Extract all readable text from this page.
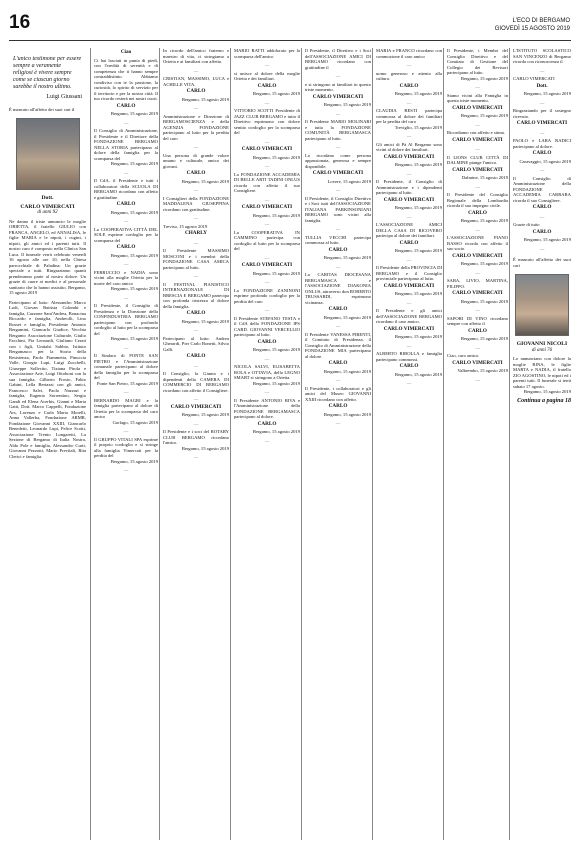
16	L'ECO DI BERGAMO
GIOVEDÌ 15 AGOSTO 2019
L'unico testimone per essere sempre a veramente religiosi è vivere sempre come se ciascun giorno sarebbe il nostro ultimo.
Luigi Giussani
È mancato all'affetto dei suoi cari il
Dott.
CARLO VIMERCATI
di anni 92
Ne danno il triste annuncio le moglie ORIETTA, il fratello GIULIO con FRANCA, ANGELO, ed ANNALISA, le figlie MARIA e le nipoti, i cugini, i nipoti, gli amici ed i parenti tutti. Il nostro caro è composto nella Clinica San Luca. Il funerale verrà celebrato venerdì 16 agosto alle ore 10, nella Chiesa parrocchiale di Paladina. Un grazie speciale a tutti. Ringraziamo quanti prenderanno parte al nostro dolore. Un grazie di cuore ai medici e al personale sanitario che lo hanno assistito. Bergamo, 15 agosto 2019
Partecipano al lutto: Alessandro Marco Lodi, Giovan Battista Colombi e famiglia, Cazzone Sant'Andrea, Bonacina Riccardo e famiglia, Andreolli, Lino Rosset e famiglia, Presidente Antonio Bergamini, Giancarlo Giudice, Vecchia Bergamo Associazione Culturale, Giulio Facchini, Pia Leonardi, Giuliano Cerati con i figli, Unitalsi Sabbio, Istituto Bergamasco per la Storia della Resistenza, Paolo Fiammetta, Pinuccia Valle, Giorgio Lupi, Luigi Zucchelli, Giuseppe Sollecito, Tiziana Pirola e Associazione Arte, Luigi Ottoboni con la sua famiglia, Gilberto Frosio, Fabio Gabini, Lella Bertazzi con gli amici, Francesco Salvi, Paolo Nazzari e famiglia, Eugenio Sorrentino, Sergio Gandi ed Elena Acerbis, Gianni e Marta Gatti, Dott. Marco Cappelli, Fondazione Ars, Lorenzo e Carla Maria Morelli, Anna Vallerba, Fondazione ARMR, Fondazione Giovanni XXIII, Giancarlo Benedetti, Leonardo Lupi, Felice Scotti, Associazione Trento Longaretti, La Sezione di Bergamo di Italia Nostra, Aldo Pole e famiglia, Alessandro Curti, Giovanni Pezzotti, Mario Previtali, Rita Clerici e famiglia.
Ciao
Ci hai lasciati in punta di piedi, con l'eredità di serenità e di competenza che ti hanno sempre contraddistinto. Abbiamo condiviso con te la passione, la curiosità, lo spirito di servizio per il territorio e per la nostra città. Il tuo ricordo resterà nei nostri cuori.
CARLO
Bergamo, 15 agosto 2019
—
Il Consiglio di Amministrazione, il Presidente e il Direttore della FONDAZIONE BERGAMO NELLA STORIA partecipano al dolore della famiglia per la scomparsa del
Bergamo, 15 agosto 2019
—
Il CdA, il Presidente e tutti i collaboratori della SCUOLA DI BERGAMO ricordano con affetto e gratitudine.
CARLO
Bergamo, 15 agosto 2019
—
La COOPERATIVA CITTÀ DEL SOLE esprime cordoglio per la scomparsa del
CARLO
Bergamo, 15 agosto 2019
—
FERRUCCIO e NADIA sono vicini alla moglie Orietta per la morte del caro amico
Bergamo, 15 agosto 2019
—
Il Presidente, il Consiglio di Presidenza e la Direzione della CONFINDUSTRIA BERGAMO partecipano con profondo cordoglio al lutto per la scomparsa del
Bergamo, 15 agosto 2019
—
Il Sindaco di PONTE SAN PIETRO e l'Amministrazione comunale partecipano al dolore della famiglia per la scomparsa del
Ponte San Pietro, 15 agosto 2019
—
BERNARDO MAGRI e la famiglia partecipano al dolore di Orietta per la scomparsa del caro amico
Gorlago, 15 agosto 2019
—
Il GRUPPO VITALI SPA esprime il proprio cordoglio e si stringe alla famiglia Vimercati per la perdita del
Bergamo, 15 agosto 2019
—
In ricordo dell'amico fraterno e maestro di vita, ci stringiamo a Orietta e ai familiari con affetto.
—
CRISTIAN, MASSIMO, LUCA e ACHILLE VITA.
CARLO
Bergamo, 15 agosto 2019
—
Amministrazione e Direzione di BERGAMOSCIENZA e della AGENZIA FONDAZIONE partecipano al lutto per la perdita del caro
—
Una persona di grande valore umano e culturale, amico dei giovani.
CARLO
Bergamo, 15 agosto 2019
—
I Consiglieri della FONDAZIONE MADDALENA GIUSEPPINA ricordano con gratitudine.
—
Treviso, 15 agosto 2019
CHARLY
—
Il Presidente MASSIMO MOSCONI e i membri della FONDAZIONE CASA AMICA partecipano al lutto.
—
Il FESTIVAL PIANISTICO INTERNAZIONALE DI BRESCIA E BERGAMO partecipa con profonda tristezza al dolore della famiglia.
CARLO
Bergamo, 15 agosto 2019
—
Partecipano al lutto: Andrea Gherardi, Pier Carlo Bonetti, Silvio Galli.
CARLO
—
Il Consiglio, la Giunta e i dipendenti della CAMERA DI COMMERCIO DI BERGAMO ricordano con affetto il Consigliere.
—
CARLO VIMERCATI
Bergamo, 15 agosto 2019
—
Il Presidente e i soci del ROTARY CLUB BERGAMO ricordano l'amico.
Bergamo, 15 agosto 2019
—
MARIO RATTI addolorato per la scomparsa dell'amico
—
si unisce al dolore della moglie Orietta e dei familiari.
CARLO
Bergamo, 15 agosto 2019
—
VITTORIO SCOTTI Presidente di JAZZ CLUB BERGAMO e tutto il Direttivo esprimono con dolore sentito cordoglio per la scomparsa del
—
CARLO VIMERCATI
Bergamo, 15 agosto 2019
—
La FONDAZIONE ACCADEMIA DI BELLE ARTI TADINI ONLUS ricorda con affetto il suo Consigliere.
—
CARLO VIMERCATI
Bergamo, 15 agosto 2019
—
La COOPERATIVA IN CAMMINO partecipa con cordoglio al lutto per la scomparsa del
—
CARLO VIMERCATI
Bergamo, 15 agosto 2019
—
La FONDAZIONE ZANINONI esprime profondo cordoglio per la perdita del caro
—
Il Presidente STEFANO TESTA e il CdA della FONDAZIONE IPS CARD. GIOVANNI VERCELLIO partecipano al lutto.
CARLO
Bergamo, 15 agosto 2019
—
NICOLA SALVI, ELISABETTA ROLA e OTTAVIA, della LEGNO SMART si stringono a Orietta.
Bergamo, 15 agosto 2019
—
Il Presidente ANTONIO RIVA e l'Amministrazione della FONDAZIONE BERGAMASCA partecipano al dolore.
CARLO
Bergamo, 15 agosto 2019
—
Il Presidente, il Direttivo e i Soci dell'ASSOCIAZIONE AMICI DI BERGAMO ricordano con gratitudine il
—
e si stringono ai familiari in questo triste momento.
CARLO VIMERCATI
Bergamo, 15 agosto 2019
—
Il Presidente MARIO MOLINARI e tutta la FONDAZIONE COMUNITÀ BERGAMASCA partecipano al lutto.
—
Lo ricordano come persona appassionata, generosa e sempre disponibile.
CARLO VIMERCATI
Lovere, 15 agosto 2019
—
Il Presidente, il Consiglio Direttivo e i Soci tutti dell'ASSOCIAZIONE ITALIANA PARKINSONIANI BERGAMO sono vicini alla famiglia.
—
TULLIA VECCHI partecipa commossa al lutto.
CARLO
Bergamo, 15 agosto 2019
—
La CARITAS DIOCESANA BERGAMASCA e l'ASSOCIAZIONE DIAKONIA ONLUS, attraverso don ROBERTO TRUSSARDI, esprimono vicinanza.
CARLO
Bergamo, 15 agosto 2019
—
Il Presidente VANESSA PIRENTI, il Comitato di Presidenza, il Consiglio di Amministrazione della FONDAZIONE MIA partecipano al dolore.
CARLO
Bergamo, 15 agosto 2019
—
Il Presidente, i collaboratori e gli amici del Museo GIOVANNI XXIII ricordano con affetto.
CARLO
Bergamo, 15 agosto 2019
—
MARIA e FRANCO ricordano con commozione il caro amico
—
uomo generoso e attento alla cultura.
CARLO
Bergamo, 15 agosto 2019
—
CLAUDIA BESTI partecipa commossa al dolore dei familiari per la perdita del caro
Treviglio, 15 agosto 2019
—
Gli amici di Pà Al Bergamo sono vicini al dolore dei familiari.
CARLO VIMERCATI
Bergamo, 15 agosto 2019
—
Il Presidente, il Consiglio di Amministrazione e i dipendenti partecipano al lutto.
CARLO VIMERCATI
Bergamo, 15 agosto 2019
—
L'ASSOCIAZIONE AMICI DELLA CASA DI RICOVERO partecipa al dolore dei familiari.
CARLO
Bergamo, 15 agosto 2019
—
Il Presidente della PROVINCIA DI BERGAMO e il Consiglio provinciale partecipano al lutto.
CARLO VIMERCATI
Bergamo, 15 agosto 2019
—
Il Presidente e gli amici dell'ASSOCIAZIONE BERGAMO ricordano il caro amico.
CARLO VIMERCATI
Bergamo, 15 agosto 2019
—
ALBERTO RIBOLLA e famiglia partecipano commossi.
CARLO
Bergamo, 15 agosto 2019
—
Il Presidente, i Membri del Consiglio Direttivo e del Comitato di Gestione del Collegio dei Revisori partecipano al lutto.
Bergamo, 15 agosto 2019
—
Siamo vicini alla Famiglia in questo triste momento.
CARLO VIMERCATI
Bergamo, 15 agosto 2019
—
Ricordiamo con affetto e stima.
CARLO VIMERCATI
—
Il LIONS CLUB CITTÀ DI DALMINE piange l'amico.
CARLO VIMERCATI
Dalmine, 15 agosto 2019
—
Il Presidente del Consiglio Regionale della Lombardia ricorda il suo impegno civile.
CARLO
Bergamo, 15 agosto 2019
—
L'ASSOCIAZIONE PIANO BASSO ricorda con affetto il suo socio.
CARLO VIMERCATI
Bergamo, 15 agosto 2019
—
SABA, LIVIO, MARTINA, FILIPPO.
CARLO VIMERCATI
Bergamo, 15 agosto 2019
—
SAPORI DI VINO ricordano sempre con affetto il
CARLO
Bergamo, 15 agosto 2019
—
Ciao, caro amico.
CARLO VIMERCATI
Valbrembo, 15 agosto 2019
—
L'ISTITUTO SCOLASTICO SAN VINCENZO di Bergamo ricorda con riconoscenza il
—
CARLO VIMERCATI
Dott.
Bergamo, 15 agosto 2019
—
Ringraziando per il sostegno ricevuto.
CARLO VIMERCATI
—
PAOLO e LARA RADICI partecipano al dolore.
CARLO
Caravaggio, 15 agosto 2019
—
Il Consiglio di Amministrazione della FONDAZIONE ACCADEMIA CARRARA ricorda il suo Consigliere.
CARLO
—
Grazie di tutto
CARLO
Bergamo, 15 agosto 2019
—
È mancato all'affetto dei suoi cari
GIOVANNI NICOLI
di anni 76
Lo annunciano con dolore la moglie RINA, le figlie MARTA e NADIA, il fratello ZIO AGOSTINO, le nipoti ed i parenti tutti. Il funerale si terrà sabato 17 agosto.
Bergamo, 15 agosto 2019
Continua a pagina 18
